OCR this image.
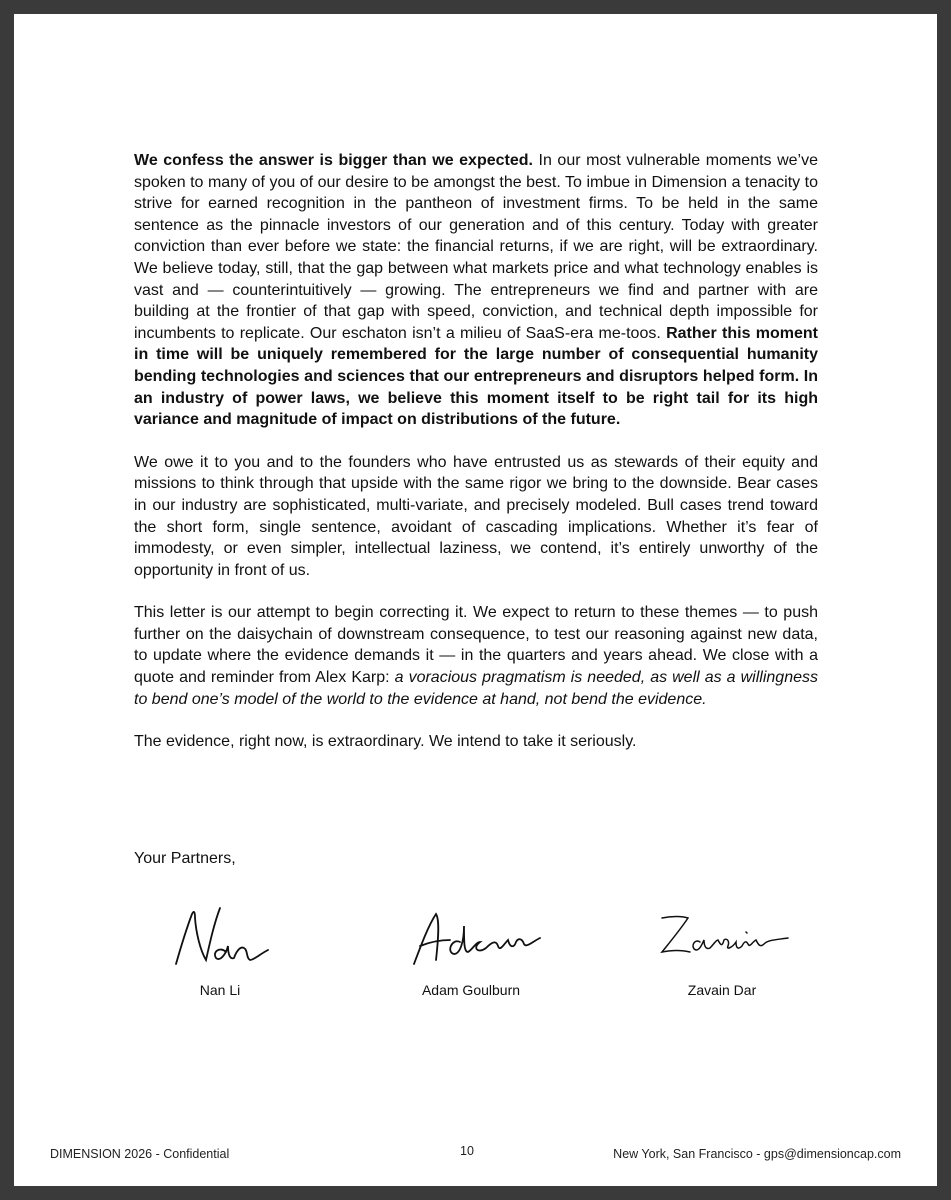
We confess the answer is bigger than we expected. In our most vulnerable moments we’ve spoken to many of you of our desire to be amongst the best. To imbue in Dimension a tenacity to strive for earned recognition in the pantheon of investment firms. To be held in the same sentence as the pinnacle investors of our generation and of this century. Today with greater conviction than ever before we state: the financial returns, if we are right, will be extraordinary. We believe today, still, that the gap between what markets price and what technology enables is vast and — counterintuitively — growing. The entrepreneurs we find and partner with are building at the frontier of that gap with speed, conviction, and technical depth impossible for incumbents to replicate. Our eschaton isn’t a milieu of SaaS-era me-toos. Rather this moment in time will be uniquely remembered for the large number of consequential humanity bending technologies and sciences that our entrepreneurs and disruptors helped form. In an industry of power laws, we believe this moment itself to be right tail for its high variance and magnitude of impact on distributions of the future.

We owe it to you and to the founders who have entrusted us as stewards of their equity and missions to think through that upside with the same rigor we bring to the downside. Bear cases in our industry are sophisticated, multi-variate, and precisely modeled. Bull cases trend toward the short form, single sentence, avoidant of cascading implications. Whether it’s fear of immodesty, or even simpler, intellectual laziness, we contend, it’s entirely unworthy of the opportunity in front of us.

This letter is our attempt to begin correcting it. We expect to return to these themes — to push further on the daisychain of downstream consequence, to test our reasoning against new data, to update where the evidence demands it — in the quarters and years ahead. We close with a quote and reminder from Alex Karp: a voracious pragmatism is needed, as well as a willingness to bend one’s model of the world to the evidence at hand, not bend the evidence.

The evidence, right now, is extraordinary. We intend to take it seriously.

Your Partners,
Nan Li	Adam Goulburn	Zavain Dar
DIMENSION 2026 - Confidential	10	New York, San Francisco - gps@dimensioncap.com
